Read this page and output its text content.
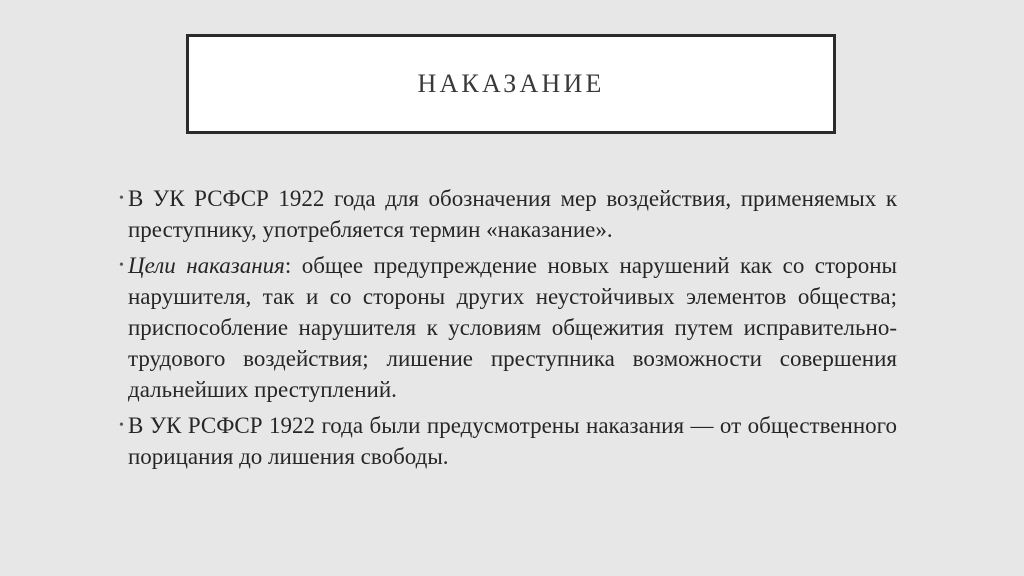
НАКАЗАНИЕ

• В УК РСФСР 1922 года для обозначения мер воздействия, применяемых к преступнику, употребляется термин «наказание».

• Цели наказания: общее предупреждение новых нарушений как со стороны нарушителя, так и со стороны других неустойчивых элементов общества; приспособление нарушителя к условиям общежития путем исправительно-трудового воздействия; лишение преступника возможности совершения дальнейших преступлений.

• В УК РСФСР 1922 года были предусмотрены наказания — от общественного порицания до лишения свободы.
